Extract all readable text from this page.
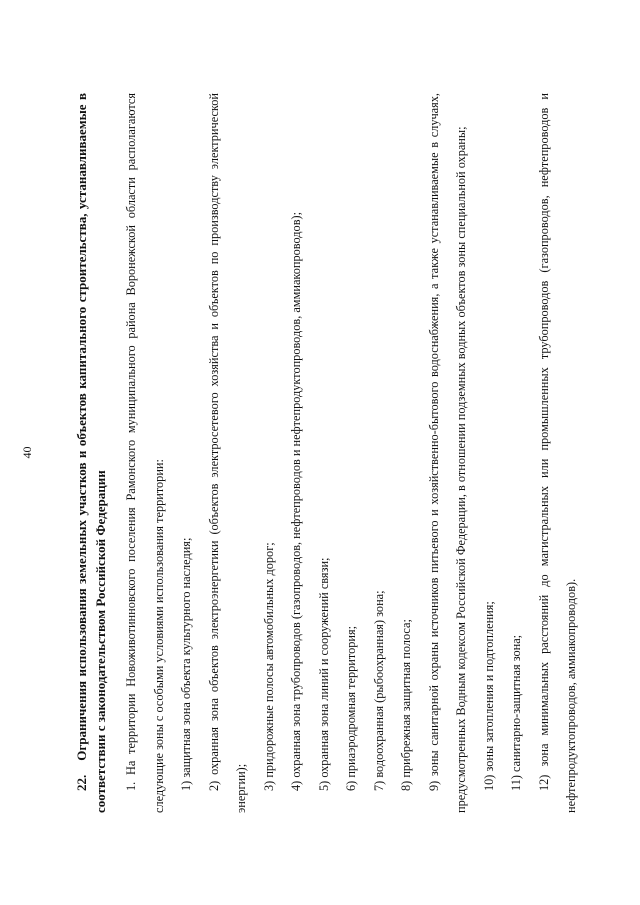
40

22.Ограничения использования земельных участков и объектов капитального строительства, устанавливаемые в соответствии с законодательством Российской Федерации	1. На территории Новоживотинновского поселения Рамонского муниципального района Воронежской области располагаются следующие зоны с особыми условиями использования территории:	1) защитная зона объекта культурного наследия;	2) охранная зона объектов электроэнергетики (объектов электросетевого хозяйства и объектов по производству электрической энергии);	3) придорожные полосы автомобильных дорог;	4) охранная зона трубопроводов (газопроводов, нефтепроводов и нефтепродуктопроводов, аммиакопроводов);	5) охранная зона линий и сооружений связи;	6) приаэродромная территория;	7) водоохранная (рыбоохранная) зона;	8) прибрежная защитная полоса;	9) зоны санитарной охраны источников питьевого и хозяйственно-бытового водоснабжения, а также устанавливаемые в случаях, предусмотренных Водным кодексом Российской Федерации, в отношении подземных водных объектов зоны специальной охраны;	10) зоны затопления и подтопления;	11) санитарно-защитная зона;	12) зона минимальных расстояний до магистральных или промышленных трубопроводов (газопроводов, нефтепроводов и нефтепродуктопроводов, аммиакопроводов).
